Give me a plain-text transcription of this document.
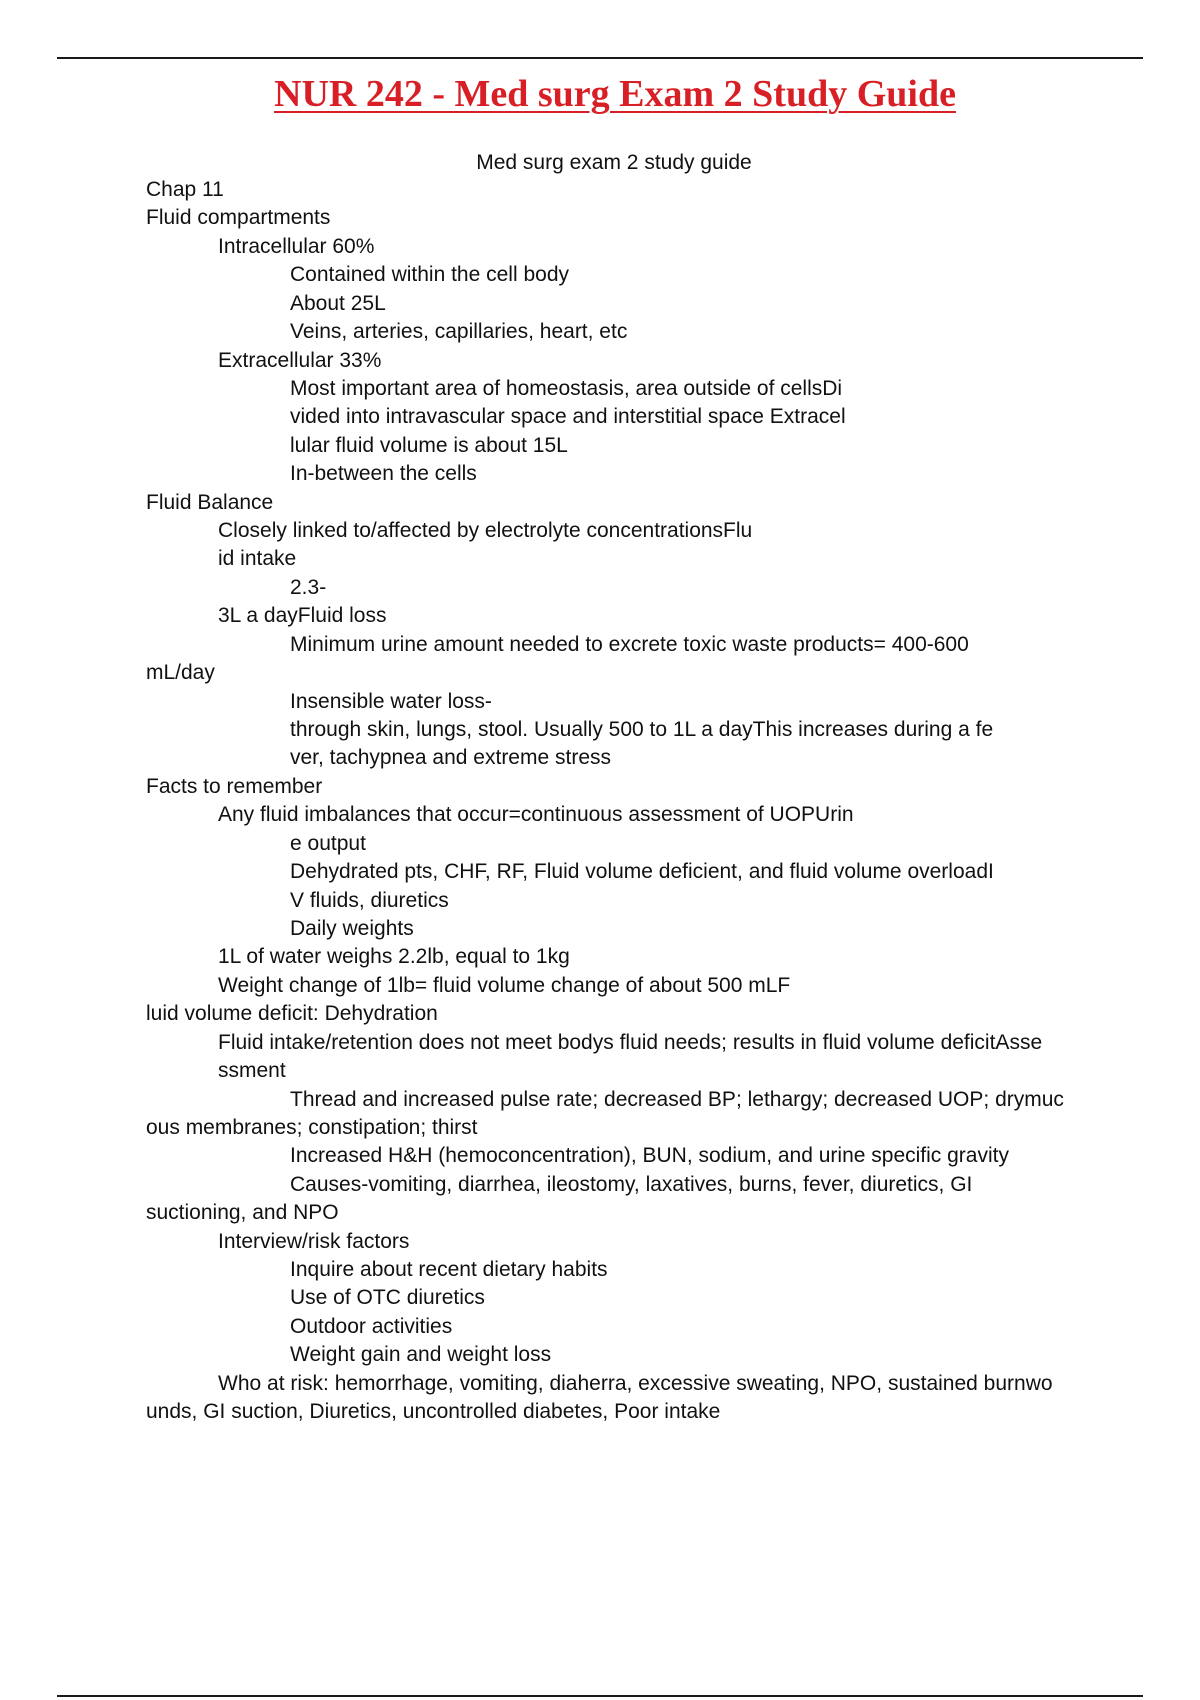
NUR 242 - Med surg Exam 2 Study Guide
Med surg exam 2 study guide
Chap 11
Fluid compartments
Intracellular 60%
Contained within the cell body
About 25L
Veins, arteries, capillaries, heart, etc
Extracellular 33%
Most important area of homeostasis, area outside of cellsDi
vided into intravascular space and interstitial space Extracel
lular fluid volume is about 15L
In-between the cells
Fluid Balance
Closely linked to/affected by electrolyte concentrationsFlu
id intake
2.3-
3L a dayFluid loss
Minimum urine amount needed to excrete toxic waste products= 400-600
mL/day
Insensible water loss-
through skin, lungs, stool. Usually 500 to 1L a dayThis increases during a fe
ver, tachypnea and extreme stress
Facts to remember
Any fluid imbalances that occur=continuous assessment of UOPUrin
e output
Dehydrated pts, CHF, RF, Fluid volume deficient, and fluid volume overloadI
V fluids, diuretics
Daily weights
1L of water weighs 2.2lb, equal to 1kg
Weight change of 1lb= fluid volume change of about 500 mLF
luid volume deficit: Dehydration
Fluid intake/retention does not meet bodys fluid needs; results in fluid volume deficitAsse
ssment
Thread and increased pulse rate; decreased BP; lethargy; decreased UOP; drymuc
ous membranes; constipation; thirst
Increased H&H (hemoconcentration), BUN, sodium, and urine specific gravity
Causes-vomiting, diarrhea, ileostomy, laxatives, burns, fever, diuretics, GI
suctioning, and NPO
Interview/risk factors
Inquire about recent dietary habits
Use of OTC diuretics
Outdoor activities
Weight gain and weight loss
Who at risk: hemorrhage, vomiting, diaherra, excessive sweating, NPO, sustained burnwo
unds, GI suction, Diuretics, uncontrolled diabetes, Poor intake
